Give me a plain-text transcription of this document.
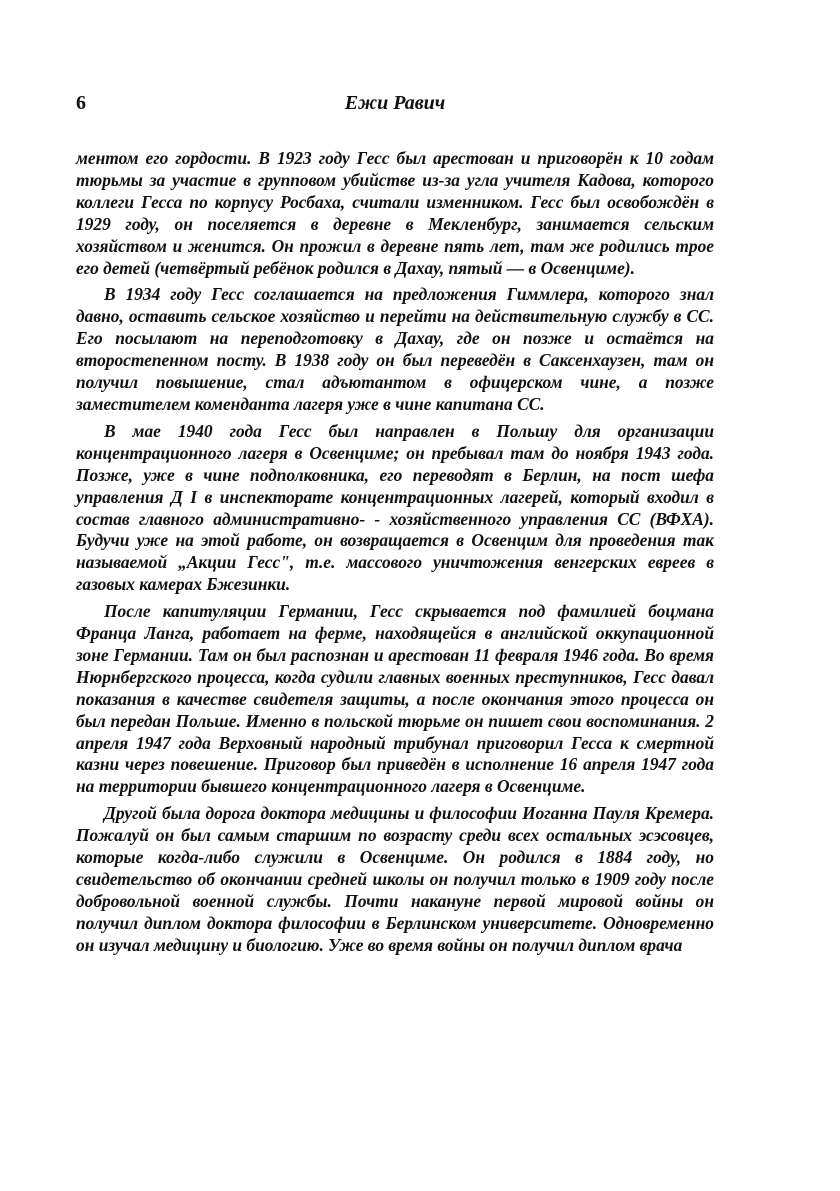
6	Ежи Равич

ментом его гордости. В 1923 году Гесс был арестован и приговорён к 10 годам тюрьмы за участие в групповом убийстве из-за угла учителя Кадова, которого коллеги Гесса по корпусу Росбаха, считали изменником. Гесс был освобождён в 1929 году, он поселяется в деревне в Мекленбург, занимается сельским хозяйством и женится. Он прожил в деревне пять лет, там же родились трое его детей (четвёртый ребёнок родился в Дахау, пятый — в Освенциме).

В 1934 году Гесс соглашается на предложения Гиммлера, которого знал давно, оставить сельское хозяйство и перейти на действительную службу в СС. Его посылают на переподготовку в Дахау, где он позже и остаётся на второстепенном посту. В 1938 году он был переведён в Саксенхаузен, там он получил повышение, стал адъютантом в офицерском чине, а позже заместителем коменданта лагеря уже в чине капитана СС.

В мае 1940 года Гесс был направлен в Польшу для организации концентрационного лагеря в Освенциме; он пребывал там до ноября 1943 года. Позже, уже в чине подполковника, его переводят в Берлин, на пост шефа управления Д I в инспекторате концентрационных лагерей, который входил в состав главного административно- - хозяйственного управления СС (ВФХА). Будучи уже на этой работе, он возвращается в Освенцим для проведения так называемой „Акции Гесс", т.е. массового уничтожения венгерских евреев в газовых камерах Бжезинки.

После капитуляции Германии, Гесс скрывается под фамилией боцмана Франца Ланга, работает на ферме, находящейся в английской оккупационной зоне Германии. Там он был распознан и арестован 11 февраля 1946 года. Во время Нюрнбергского процесса, когда судили главных военных преступников, Гесс давал показания в качестве свидетеля защиты, а после окончания этого процесса он был передан Польше. Именно в польской тюрьме он пишет свои воспоминания. 2 апреля 1947 года Верховный народный трибунал приговорил Гесса к смертной казни через повешение. Приговор был приведён в исполнение 16 апреля 1947 года на территории бывшего концентрационного лагеря в Освенциме.

Другой была дорога доктора медицины и философии Иоганна Пауля Кремера. Пожалуй он был самым старшим по возрасту среди всех остальных эсэсовцев, которые когда-либо служили в Освенциме. Он родился в 1884 году, но свидетельство об окончании средней школы он получил только в 1909 году после добровольной военной службы. Почти накануне первой мировой войны он получил диплом доктора философии в Берлинском университете. Одновременно он изучал медицину и биологию. Уже во время войны он получил диплом врача
